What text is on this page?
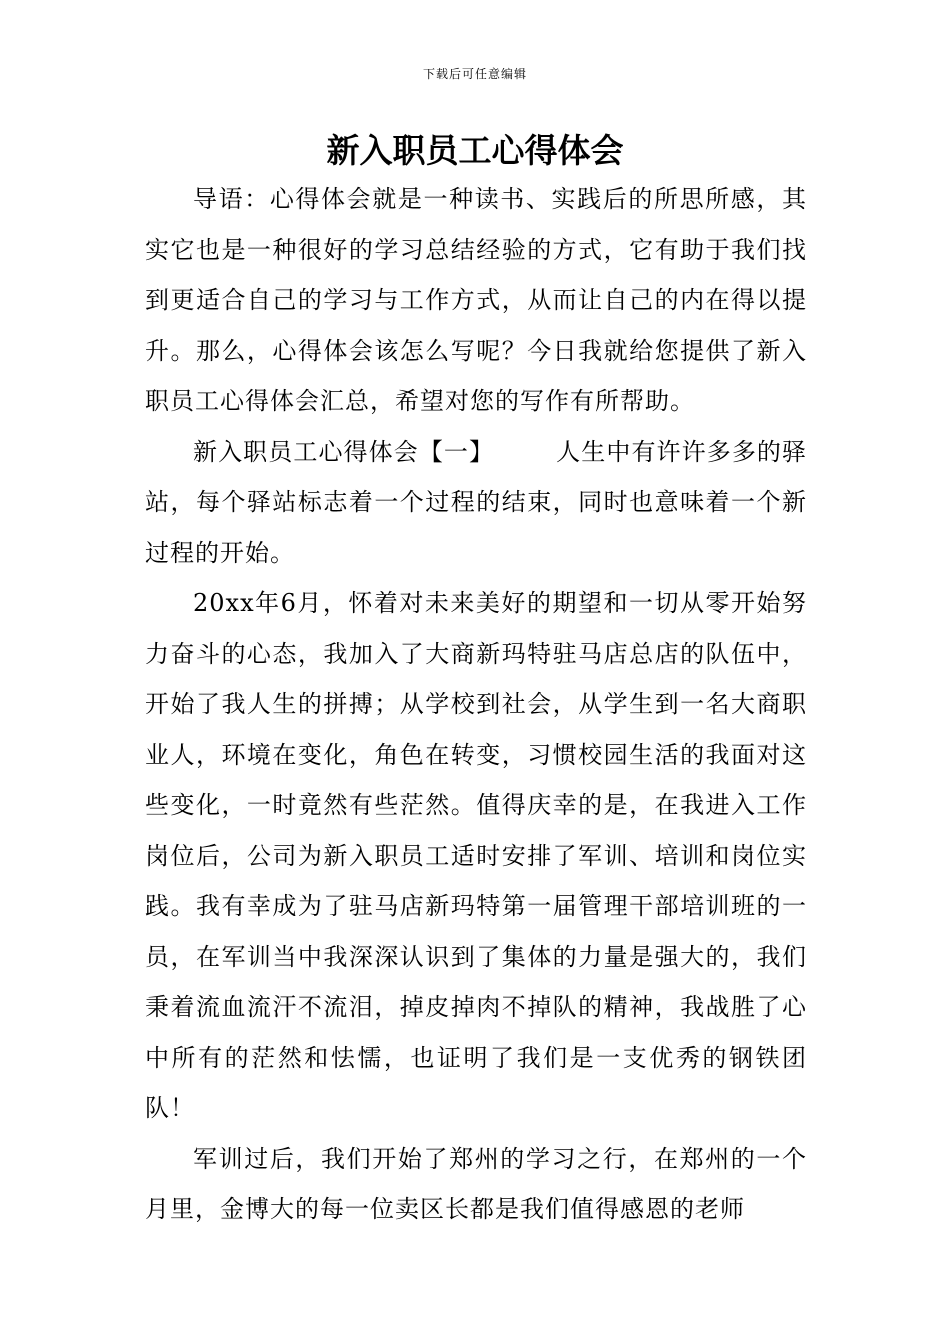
下载后可任意编辑
新入职员工心得体会

导语：心得体会就是一种读书、实践后的所思所感，其实它也是一种很好的学习总结经验的方式，它有助于我们找到更适合自己的学习与工作方式，从而让自己的内在得以提升。那么，心得体会该怎么写呢？今日我就给您提供了新入职员工心得体会汇总，希望对您的写作有所帮助。

新入职员工心得体会【一】	人生中有许许多多的驿站，每个驿站标志着一个过程的结束，同时也意味着一个新过程的开始。

20xx年6月，怀着对未来美好的期望和一切从零开始努力奋斗的心态，我加入了大商新玛特驻马店总店的队伍中，开始了我人生的拼搏；从学校到社会，从学生到一名大商职业人，环境在变化，角色在转变，习惯校园生活的我面对这些变化，一时竟然有些茫然。值得庆幸的是，在我进入工作岗位后，公司为新入职员工适时安排了军训、培训和岗位实践。我有幸成为了驻马店新玛特第一届管理干部培训班的一员，在军训当中我深深认识到了集体的力量是强大的，我们秉着流血流汗不流泪，掉皮掉肉不掉队的精神，我战胜了心中所有的茫然和怯懦，也证明了我们是一支优秀的钢铁团队！

军训过后，我们开始了郑州的学习之行，在郑州的一个月里，金博大的每一位卖区长都是我们值得感恩的老师
